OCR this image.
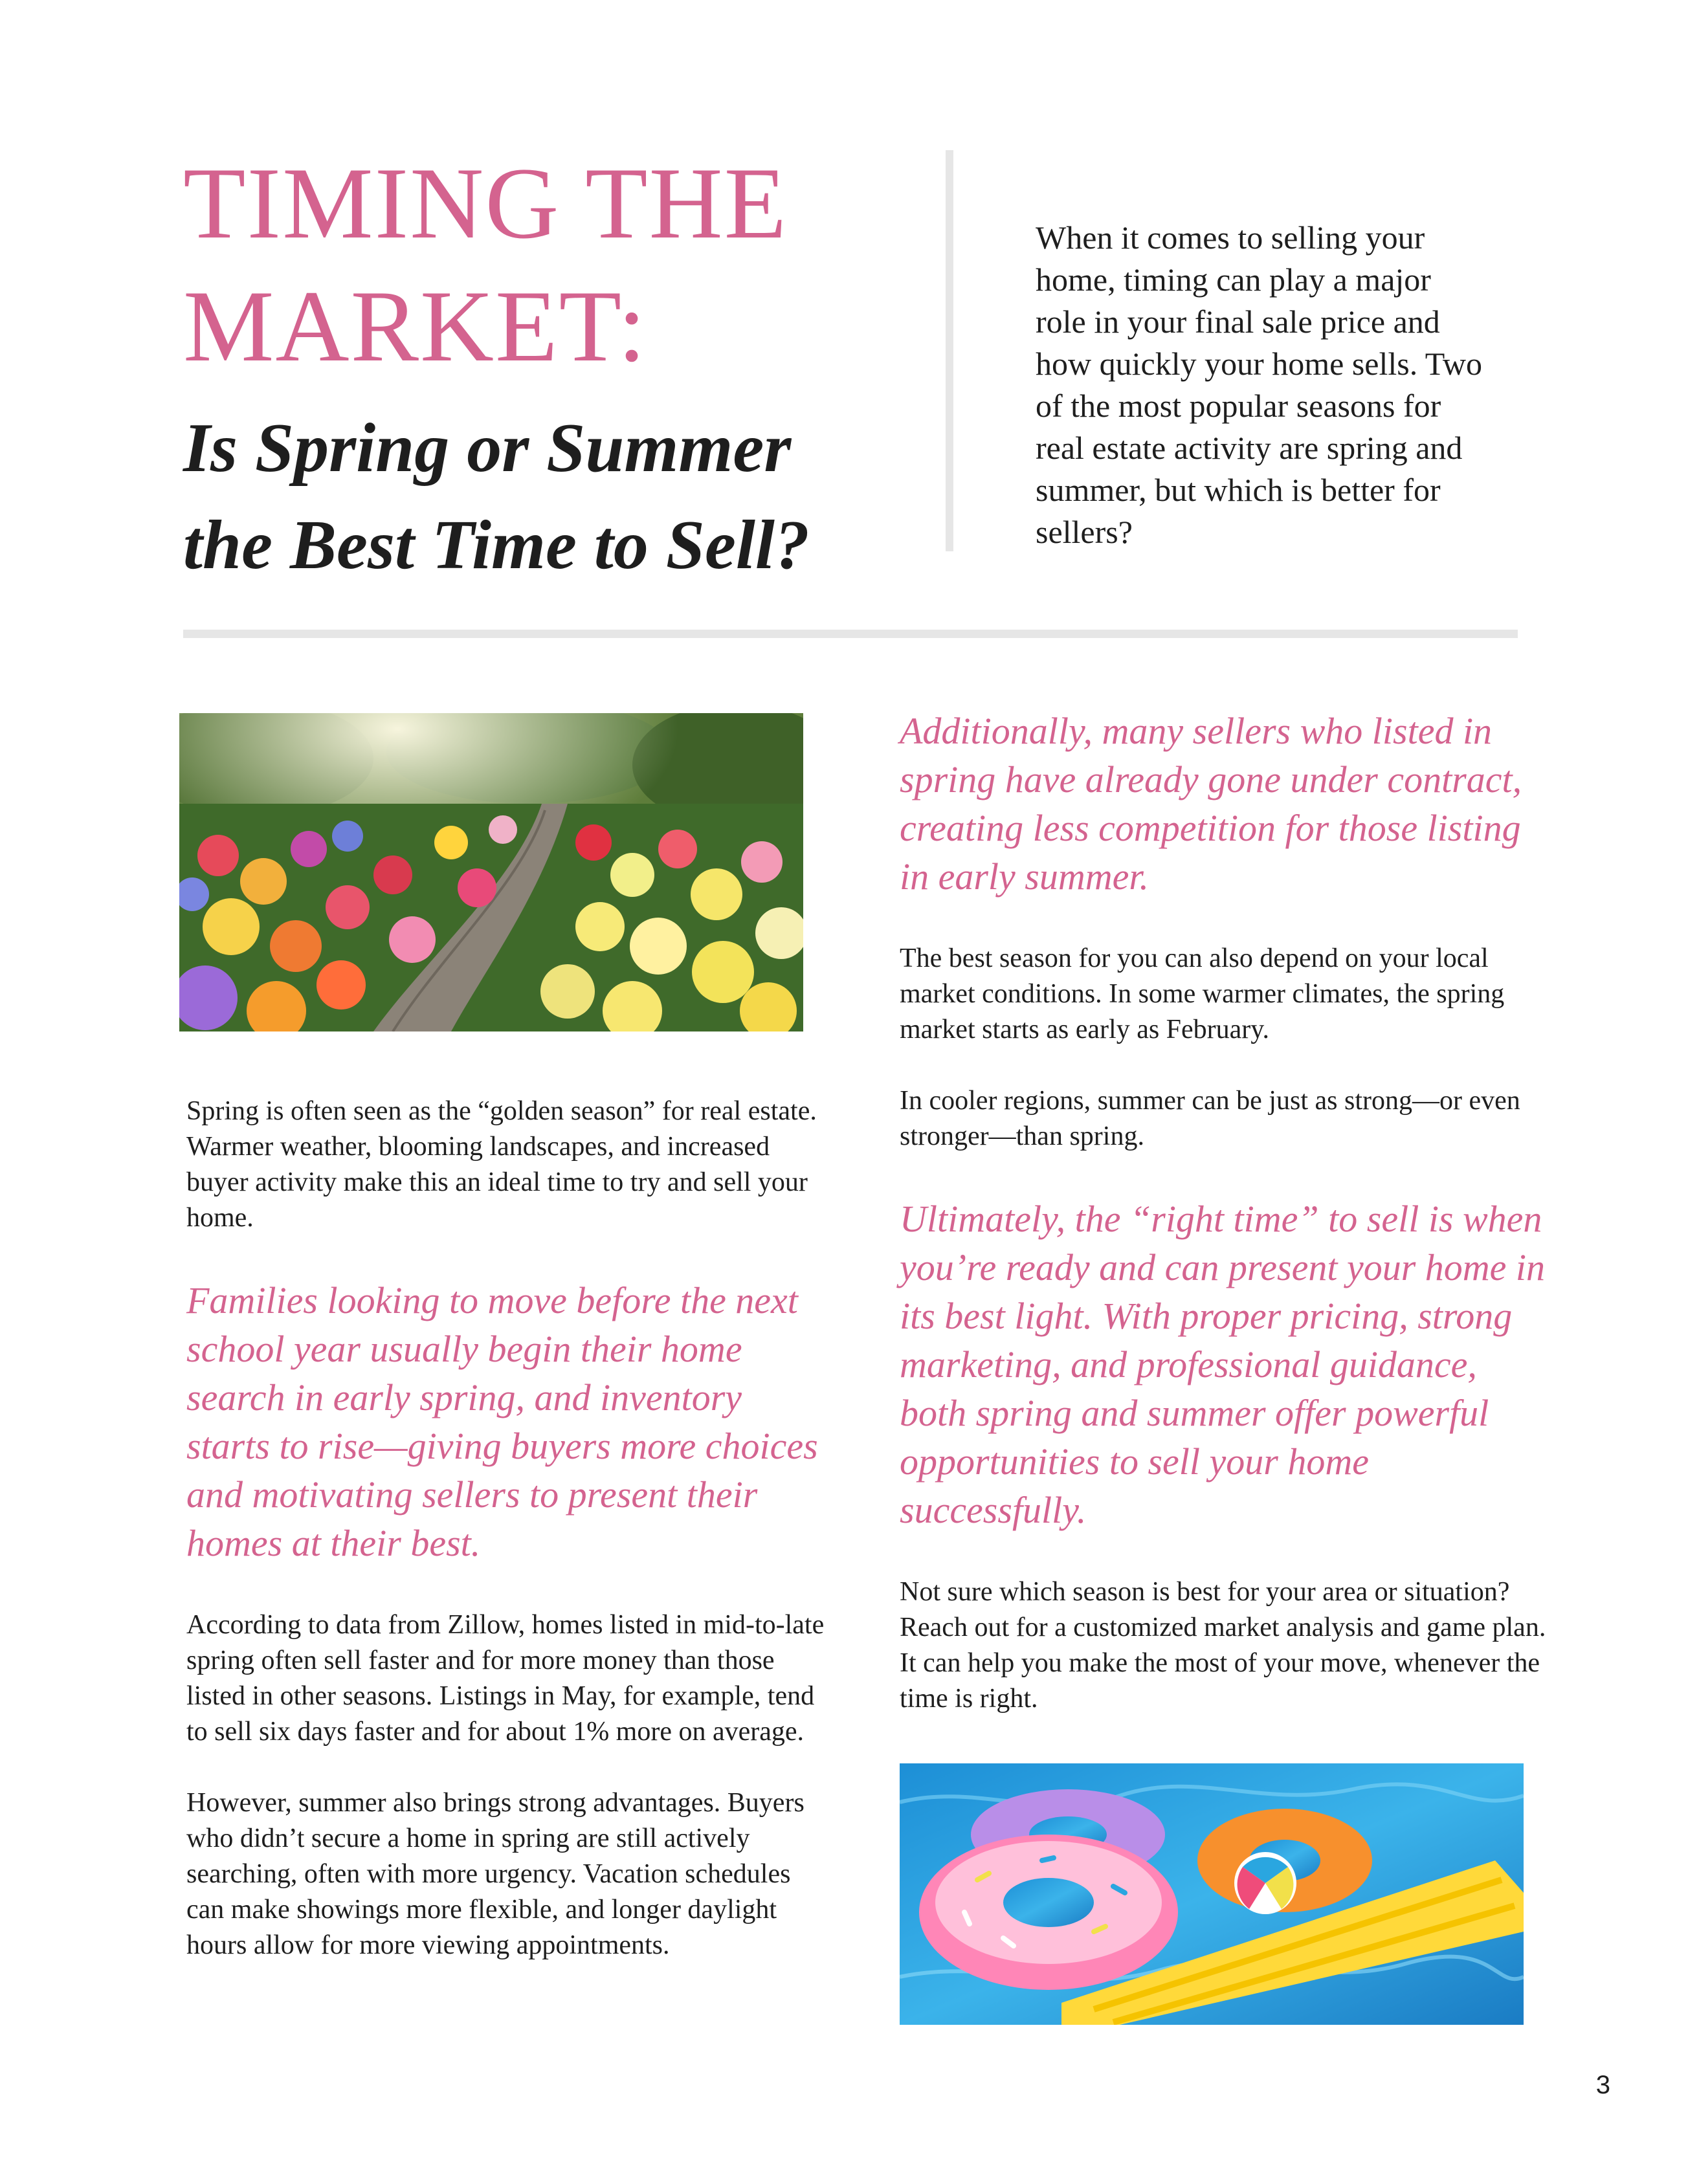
TIMING THE
MARKET:
Is Spring or Summer
the Best Time to Sell?

When it comes to selling your home, timing can play a major role in your final sale price and how quickly your home sells. Two of the most popular seasons for real estate activity are spring and summer, but which is better for sellers?

Spring is often seen as the “golden season” for real estate. Warmer weather, blooming landscapes, and increased buyer activity make this an ideal time to try and sell your home.

Families looking to move before the next school year usually begin their home search in early spring, and inventory starts to rise—giving buyers more choices and motivating sellers to present their homes at their best.

According to data from Zillow, homes listed in mid-to-late spring often sell faster and for more money than those listed in other seasons. Listings in May, for example, tend to sell six days faster and for about 1% more on average.

However, summer also brings strong advantages. Buyers who didn’t secure a home in spring are still actively searching, often with more urgency. Vacation schedules can make showings more flexible, and longer daylight hours allow for more viewing appointments.

Additionally, many sellers who listed in spring have already gone under contract, creating less competition for those listing in early summer.

The best season for you can also depend on your local market conditions. In some warmer climates, the spring market starts as early as February.

In cooler regions, summer can be just as strong—or even stronger—than spring.

Ultimately, the “right time” to sell is when you’re ready and can present your home in its best light. With proper pricing, strong marketing, and professional guidance, both spring and summer offer powerful opportunities to sell your home successfully.

Not sure which season is best for your area or situation? Reach out for a customized market analysis and game plan. It can help you make the most of your move, whenever the time is right.

3
